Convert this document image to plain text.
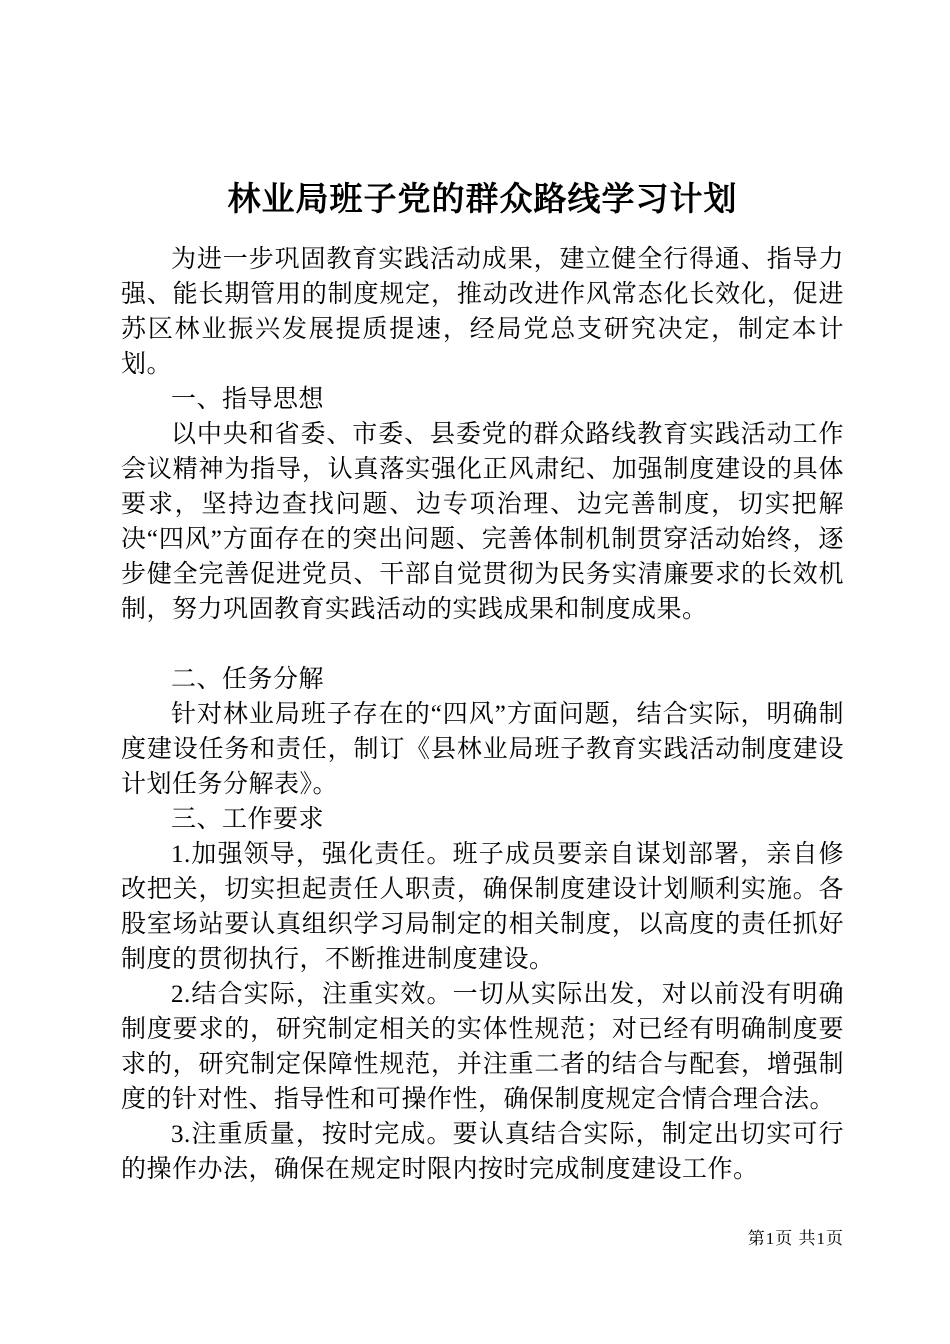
林业局班子党的群众路线学习计划

为进一步巩固教育实践活动成果，建立健全行得通、指导力强、能长期管用的制度规定，推动改进作风常态化长效化，促进苏区林业振兴发展提质提速，经局党总支研究决定，制定本计划。

一、指导思想

以中央和省委、市委、县委党的群众路线教育实践活动工作会议精神为指导，认真落实强化正风肃纪、加强制度建设的具体要求，坚持边查找问题、边专项治理、边完善制度，切实把解决“四风”方面存在的突出问题、完善体制机制贯穿活动始终，逐步健全完善促进党员、干部自觉贯彻为民务实清廉要求的长效机制，努力巩固教育实践活动的实践成果和制度成果。

二、任务分解

针对林业局班子存在的“四风”方面问题，结合实际，明确制度建设任务和责任，制订《县林业局班子教育实践活动制度建设计划任务分解表》。

三、工作要求

1.加强领导，强化责任。班子成员要亲自谋划部署，亲自修改把关，切实担起责任人职责，确保制度建设计划顺利实施。各股室场站要认真组织学习局制定的相关制度，以高度的责任抓好制度的贯彻执行，不断推进制度建设。

2.结合实际，注重实效。一切从实际出发，对以前没有明确制度要求的，研究制定相关的实体性规范；对已经有明确制度要求的，研究制定保障性规范，并注重二者的结合与配套，增强制度的针对性、指导性和可操作性，确保制度规定合情合理合法。

3.注重质量，按时完成。要认真结合实际，制定出切实可行的操作办法，确保在规定时限内按时完成制度建设工作。

第1页 共1页
